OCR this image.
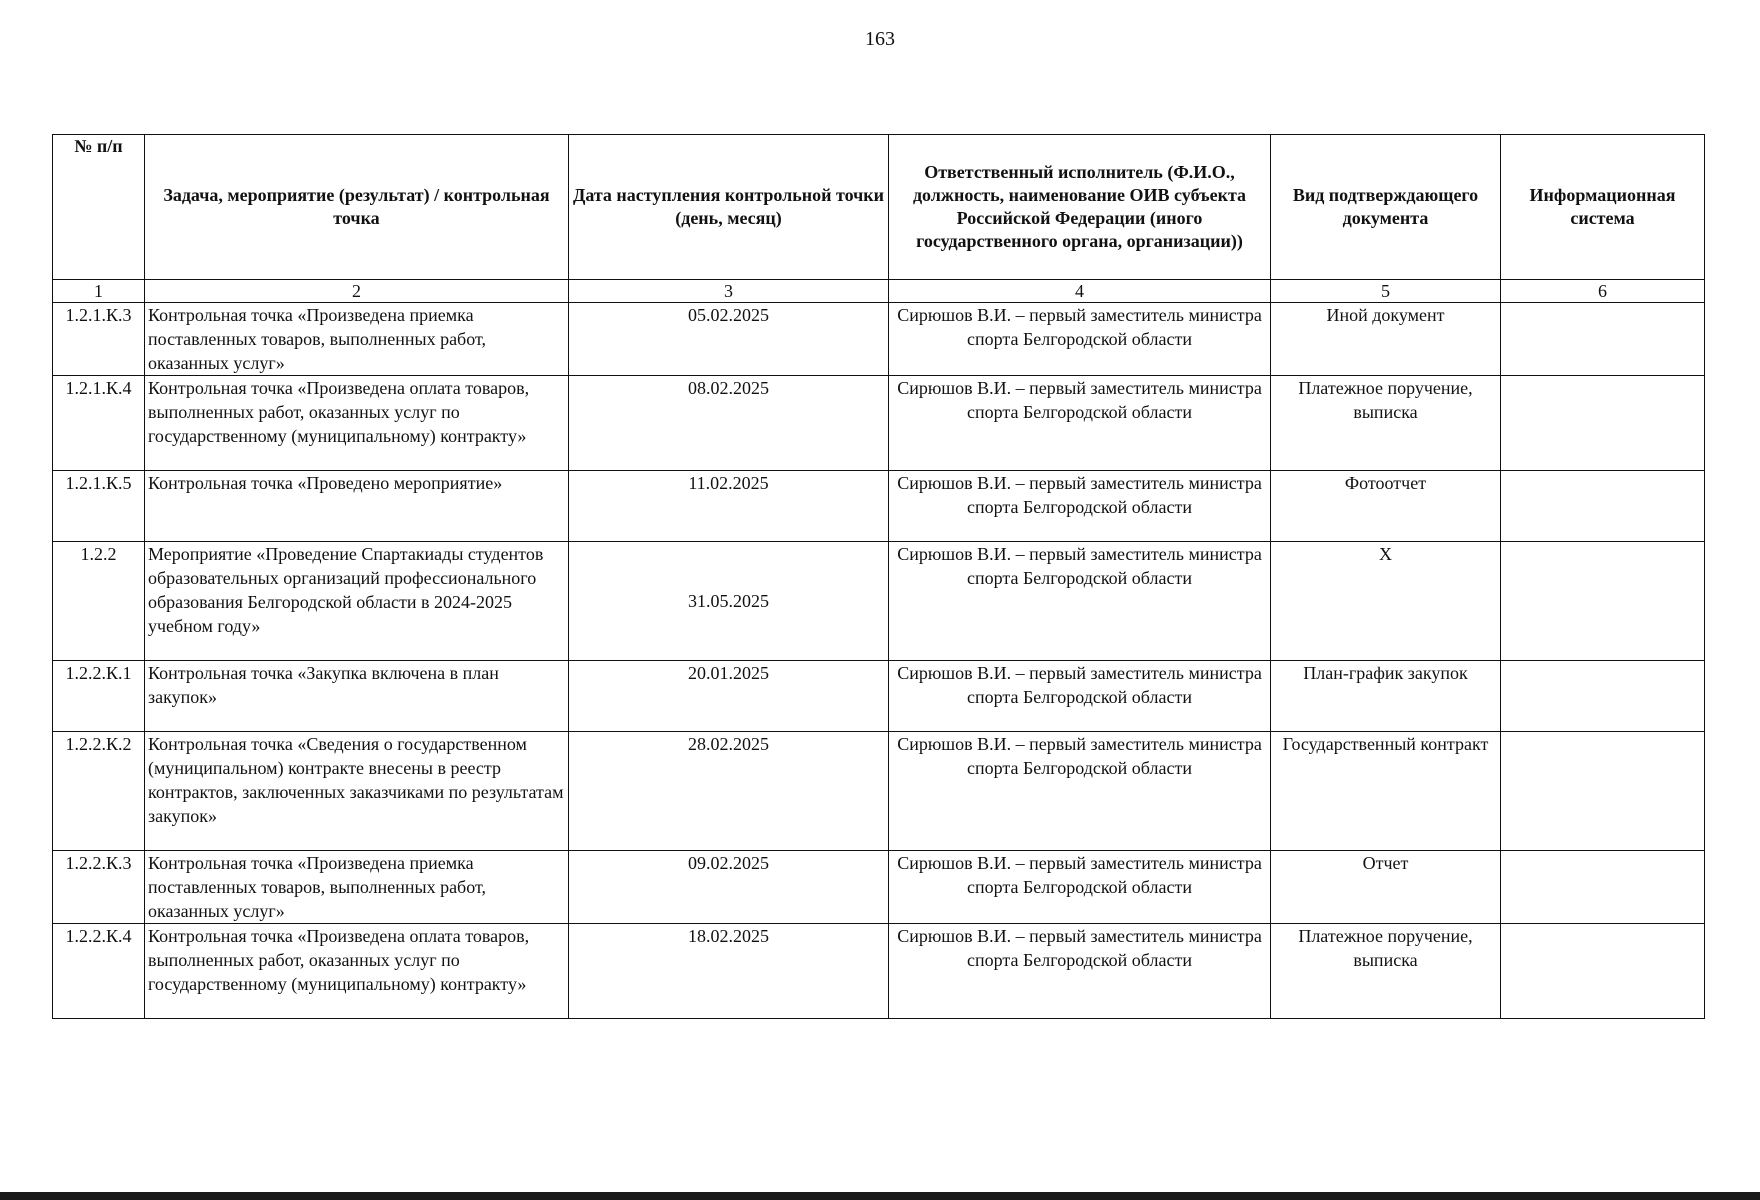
163
№ п/п	Задача, мероприятие (результат) / контрольная точка	Дата наступления контрольной точки (день, месяц)	Ответственный исполнитель (Ф.И.О., должность, наименование ОИВ субъекта Российской Федерации (иного государственного органа, организации))	Вид подтверждающего документа	Информационная система
1	2	3	4	5	6
1.2.1.К.3	Контрольная точка «Произведена приемка поставленных товаров, выполненных работ, оказанных услуг»	05.02.2025	Сирюшов В.И. – первый заместитель министра спорта Белгородской области	Иной документ	
1.2.1.К.4	Контрольная точка «Произведена оплата товаров, выполненных работ, оказанных услуг по государственному (муниципальному) контракту»	08.02.2025	Сирюшов В.И. – первый заместитель министра спорта Белгородской области	Платежное поручение, выписка	
1.2.1.К.5	Контрольная точка «Проведено мероприятие»	11.02.2025	Сирюшов В.И. – первый заместитель министра спорта Белгородской области	Фотоотчет	
1.2.2	Мероприятие «Проведение Спартакиады студентов образовательных организаций профессионального образования Белгородской области в 2024-2025 учебном году»	31.05.2025	Сирюшов В.И. – первый заместитель министра спорта Белгородской области	X	
1.2.2.К.1	Контрольная точка «Закупка включена в план закупок»	20.01.2025	Сирюшов В.И. – первый заместитель министра спорта Белгородской области	План-график закупок	
1.2.2.К.2	Контрольная точка «Сведения о государственном (муниципальном) контракте внесены в реестр контрактов, заключенных заказчиками по результатам закупок»	28.02.2025	Сирюшов В.И. – первый заместитель министра спорта Белгородской области	Государственный контракт	
1.2.2.К.3	Контрольная точка «Произведена приемка поставленных товаров, выполненных работ, оказанных услуг»	09.02.2025	Сирюшов В.И. – первый заместитель министра спорта Белгородской области	Отчет	
1.2.2.К.4	Контрольная точка «Произведена оплата товаров, выполненных работ, оказанных услуг по государственному (муниципальному) контракту»	18.02.2025	Сирюшов В.И. – первый заместитель министра спорта Белгородской области	Платежное поручение, выписка	
